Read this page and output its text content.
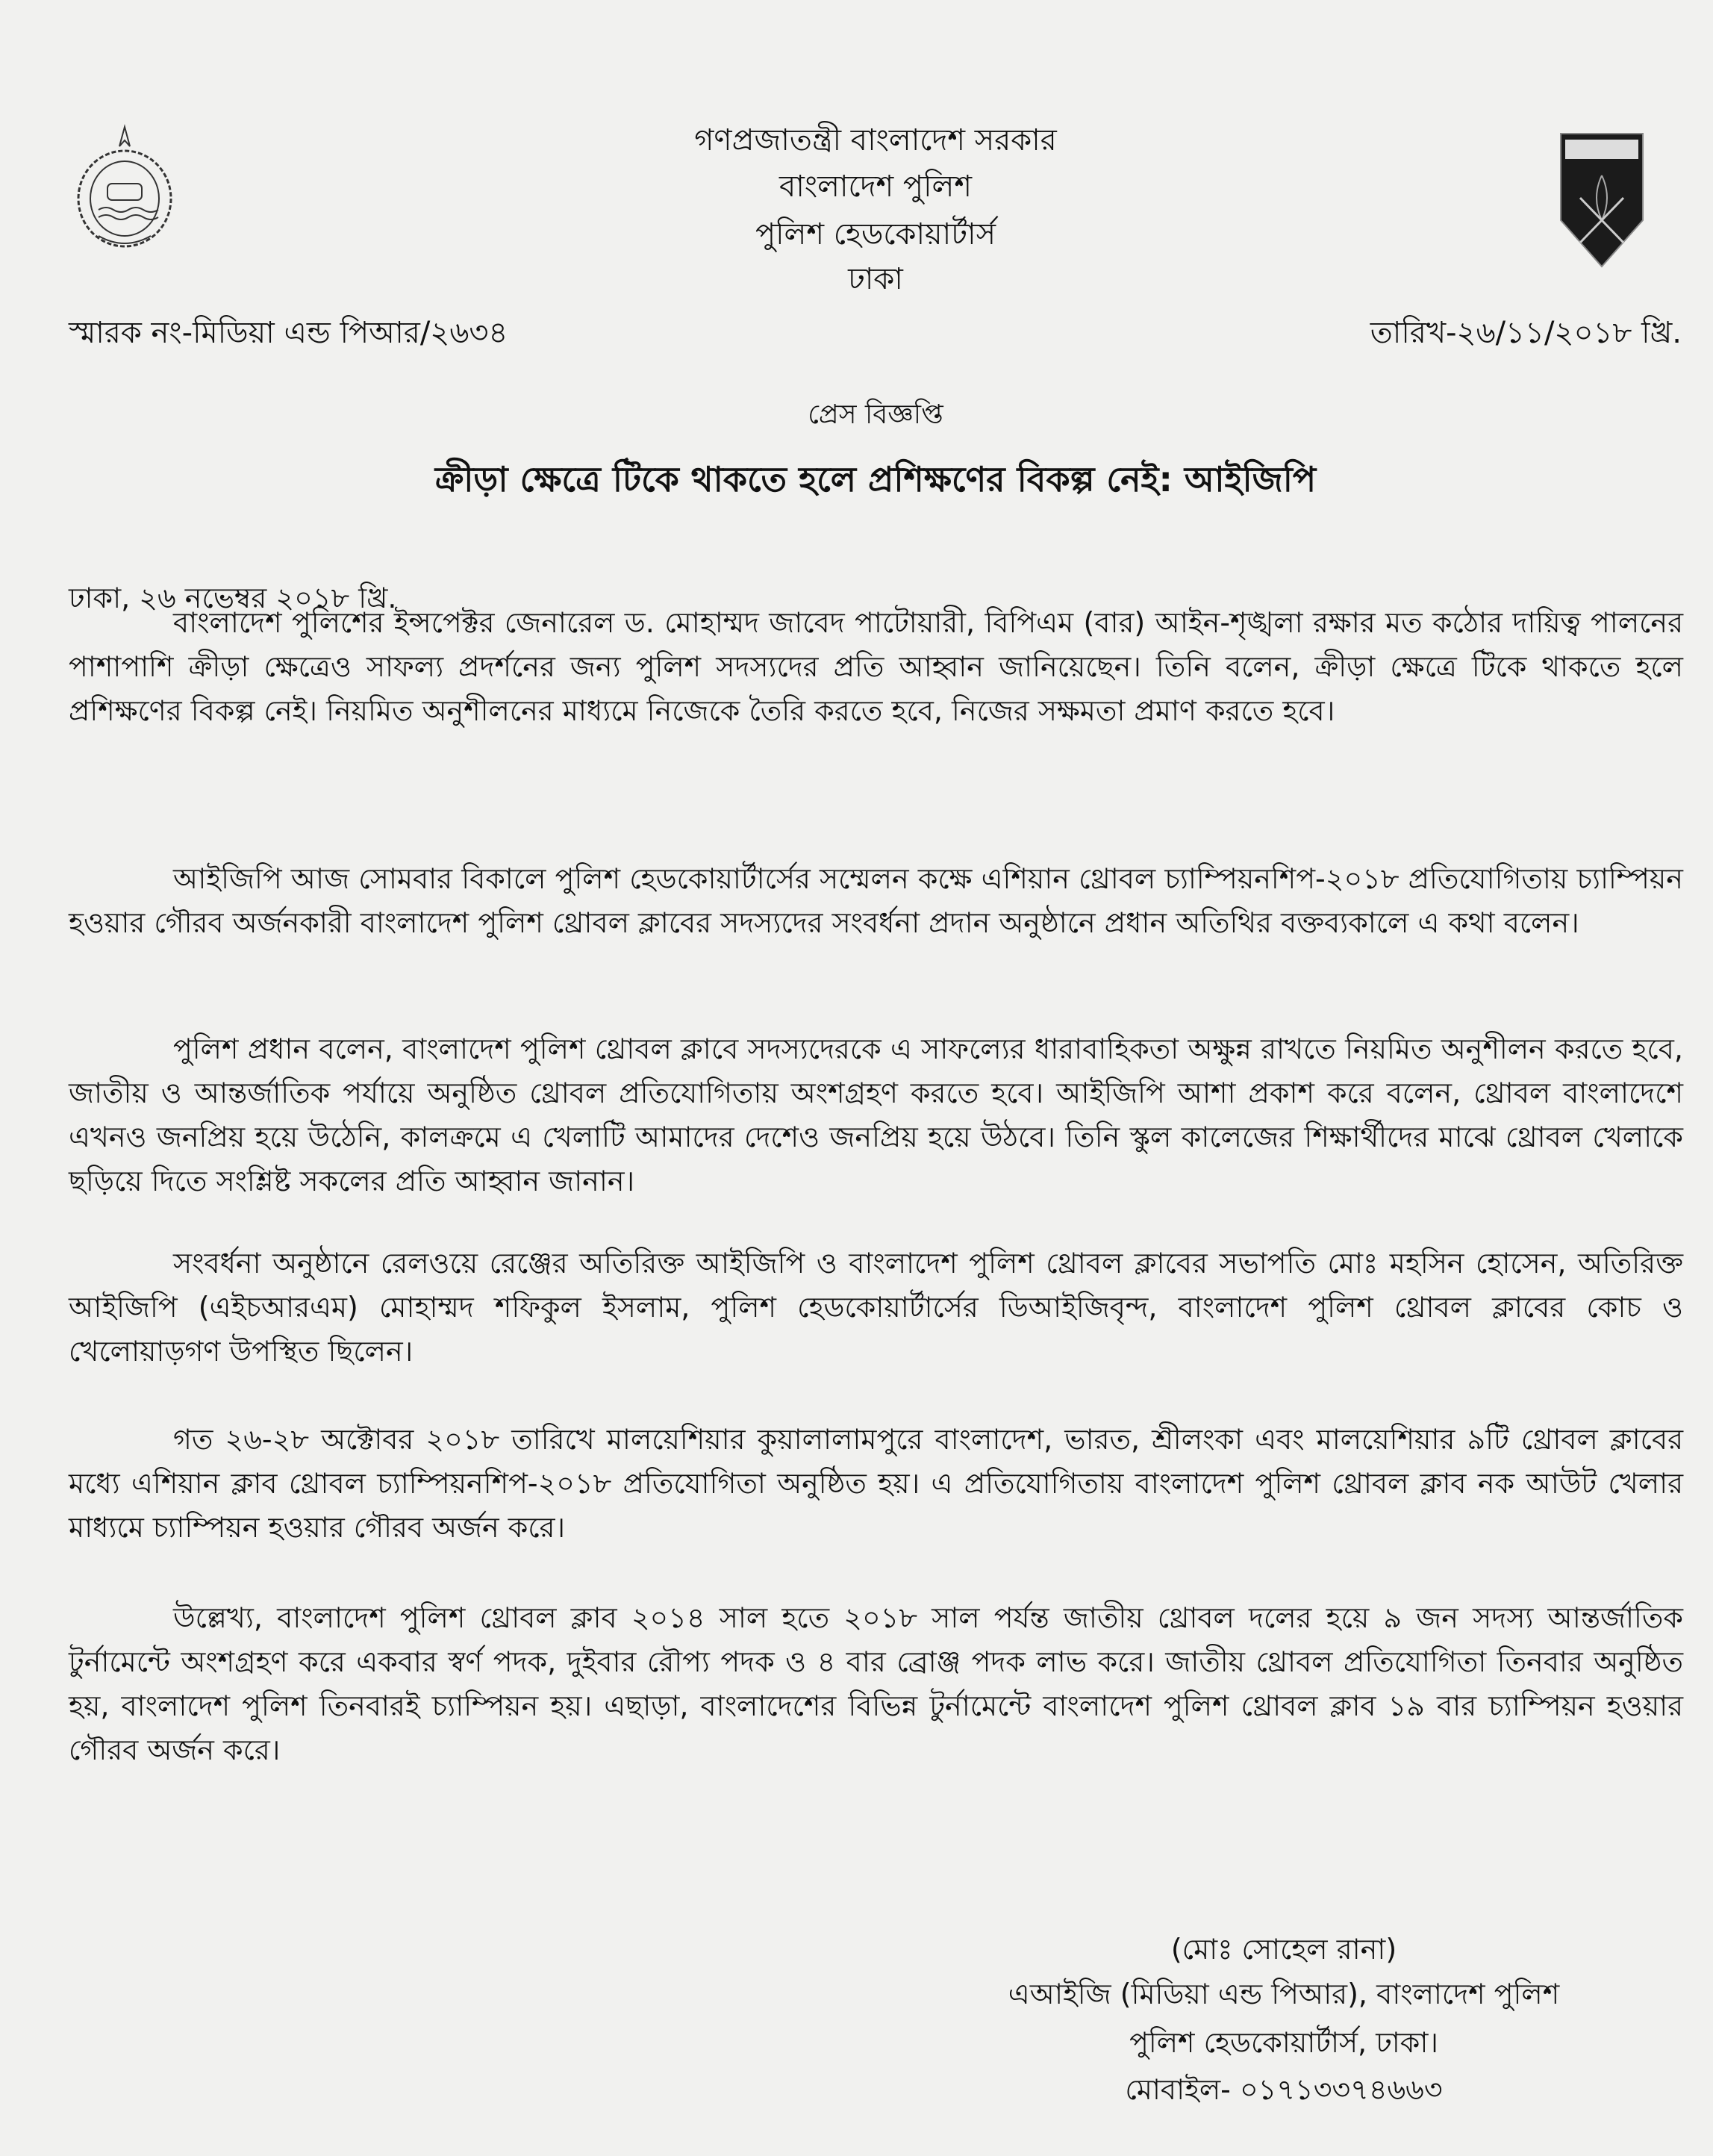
গণপ্রজাতন্ত্রী বাংলাদেশ সরকার
বাংলাদেশ পুলিশ
পুলিশ হেডকোয়ার্টার্স
ঢাকা
স্মারক নং-মিডিয়া এন্ড পিআর/২৬৩৪	তারিখ-২৬/১১/২০১৮ খ্রি.
প্রেস বিজ্ঞপ্তি
ক্রীড়া ক্ষেত্রে টিকে থাকতে হলে প্রশিক্ষণের বিকল্প নেই: আইজিপি
ঢাকা, ২৬ নভেম্বর ২০১৮ খ্রি.

বাংলাদেশ পুলিশের ইন্সপেক্টর জেনারেল ড. মোহাম্মদ জাবেদ পাটোয়ারী, বিপিএম (বার) আইন-শৃঙ্খলা রক্ষার মত কঠোর দায়িত্ব পালনের পাশাপাশি ক্রীড়া ক্ষেত্রেও সাফল্য প্রদর্শনের জন্য পুলিশ সদস্যদের প্রতি আহ্বান জানিয়েছেন। তিনি বলেন, ক্রীড়া ক্ষেত্রে টিকে থাকতে হলে প্রশিক্ষণের বিকল্প নেই। নিয়মিত অনুশীলনের মাধ্যমে নিজেকে তৈরি করতে হবে, নিজের সক্ষমতা প্রমাণ করতে হবে।

আইজিপি আজ সোমবার বিকালে পুলিশ হেডকোয়ার্টার্সের সম্মেলন কক্ষে এশিয়ান থ্রোবল চ্যাম্পিয়নশিপ-২০১৮ প্রতিযোগিতায় চ্যাম্পিয়ন হওয়ার গৌরব অর্জনকারী বাংলাদেশ পুলিশ থ্রোবল ক্লাবের সদস্যদের সংবর্ধনা প্রদান অনুষ্ঠানে প্রধান অতিথির বক্তব্যকালে এ কথা বলেন।

পুলিশ প্রধান বলেন, বাংলাদেশ পুলিশ থ্রোবল ক্লাবে সদস্যদেরকে এ সাফল্যের ধারাবাহিকতা অক্ষুন্ন রাখতে নিয়মিত অনুশীলন করতে হবে, জাতীয় ও আন্তর্জাতিক পর্যায়ে অনুষ্ঠিত থ্রোবল প্রতিযোগিতায় অংশগ্রহণ করতে হবে। আইজিপি আশা প্রকাশ করে বলেন, থ্রোবল বাংলাদেশে এখনও জনপ্রিয় হয়ে উঠেনি, কালক্রমে এ খেলাটি আমাদের দেশেও জনপ্রিয় হয়ে উঠবে। তিনি স্কুল কালেজের শিক্ষার্থীদের মাঝে থ্রোবল খেলাকে ছড়িয়ে দিতে সংশ্লিষ্ট সকলের প্রতি আহ্বান জানান।

সংবর্ধনা অনুষ্ঠানে রেলওয়ে রেঞ্জের অতিরিক্ত আইজিপি ও বাংলাদেশ পুলিশ থ্রোবল ক্লাবের সভাপতি মোঃ মহসিন হোসেন, অতিরিক্ত আইজিপি (এইচআরএম) মোহাম্মদ শফিকুল ইসলাম, পুলিশ হেডকোয়ার্টার্সের ডিআইজিবৃন্দ, বাংলাদেশ পুলিশ থ্রোবল ক্লাবের কোচ ও খেলোয়াড়গণ উপস্থিত ছিলেন।

গত ২৬-২৮ অক্টোবর ২০১৮ তারিখে মালয়েশিয়ার কুয়ালালামপুরে বাংলাদেশ, ভারত, শ্রীলংকা এবং মালয়েশিয়ার ৯টি থ্রোবল ক্লাবের মধ্যে এশিয়ান ক্লাব থ্রোবল চ্যাম্পিয়নশিপ-২০১৮ প্রতিযোগিতা অনুষ্ঠিত হয়। এ প্রতিযোগিতায় বাংলাদেশ পুলিশ থ্রোবল ক্লাব নক আউট খেলার মাধ্যমে চ্যাম্পিয়ন হওয়ার গৌরব অর্জন করে।

উল্লেখ্য, বাংলাদেশ পুলিশ থ্রোবল ক্লাব ২০১৪ সাল হতে ২০১৮ সাল পর্যন্ত জাতীয় থ্রোবল দলের হয়ে ৯ জন সদস্য আন্তর্জাতিক টুর্নামেন্টে অংশগ্রহণ করে একবার স্বর্ণ পদক, দুইবার রৌপ্য পদক ও ৪ বার ব্রোঞ্জ পদক লাভ করে। জাতীয় থ্রোবল প্রতিযোগিতা তিনবার অনুষ্ঠিত হয়, বাংলাদেশ পুলিশ তিনবারই চ্যাম্পিয়ন হয়। এছাড়া, বাংলাদেশের বিভিন্ন টুর্নামেন্টে বাংলাদেশ পুলিশ থ্রোবল ক্লাব ১৯ বার চ্যাম্পিয়ন হওয়ার গৌরব অর্জন করে।

(মোঃ সোহেল রানা)
এআইজি (মিডিয়া এন্ড পিআর), বাংলাদেশ পুলিশ
পুলিশ হেডকোয়ার্টার্স, ঢাকা।
মোবাইল- ০১৭১৩৩৭৪৬৬৩
